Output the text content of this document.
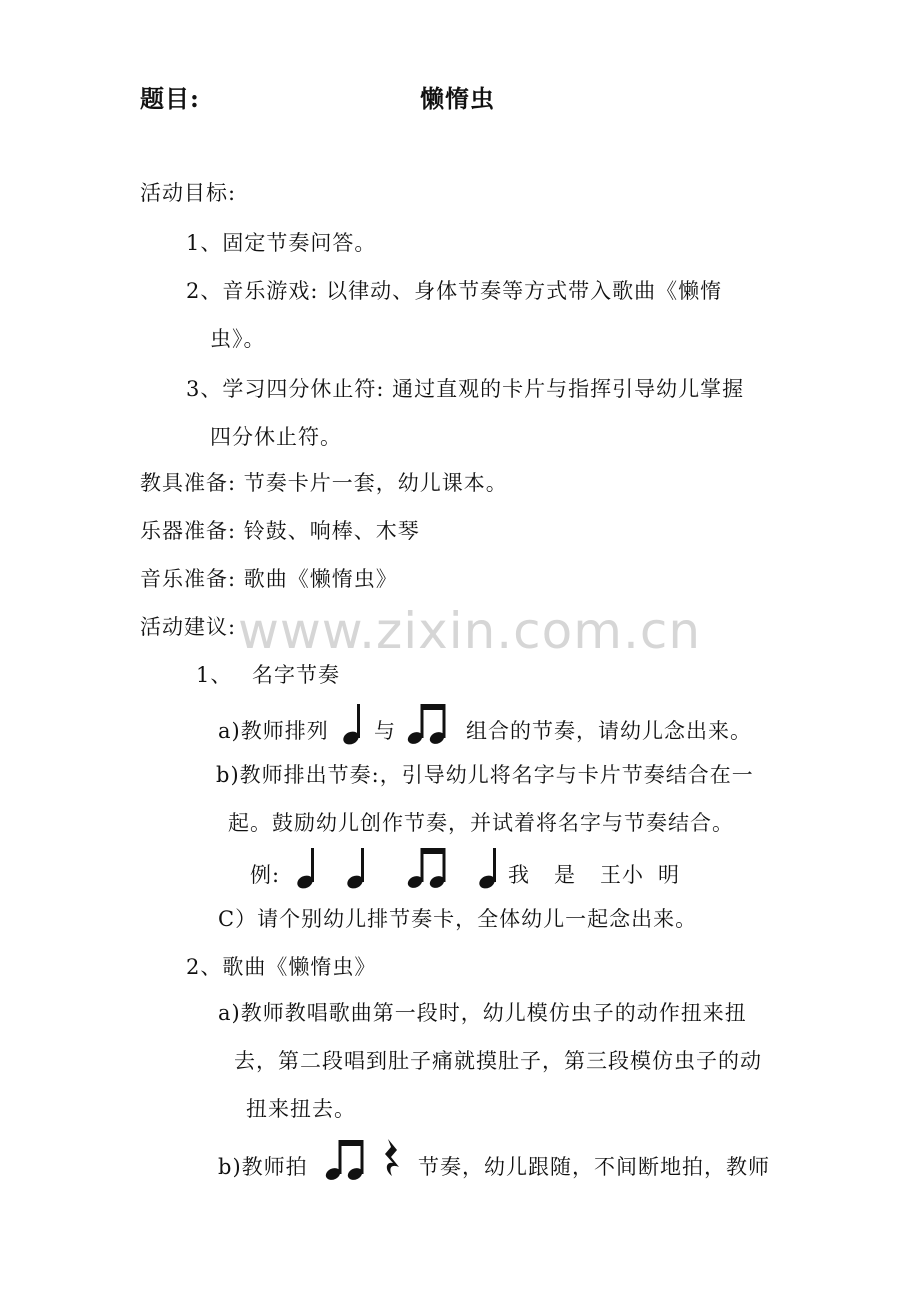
题目:	懒惰虫
活动目标:
1、固定节奏问答。
2、音乐游戏: 以律动、身体节奏等方式带入歌曲《懒惰
虫》。
3、学习四分休止符: 通过直观的卡片与指挥引导幼儿掌握
四分休止符。
教具准备: 节奏卡片一套，幼儿课本。
乐器准备: 铃鼓、响棒、木琴
音乐准备: 歌曲《懒惰虫》
www.zixin.com.cn
活动建议:
1、 名字节奏
a)教师排列 与	组合的节奏，请幼儿念出来。
b)教师排出节奏:，引导幼儿将名字与卡片节奏结合在一
起。鼓励幼儿创作节奏，并试着将名字与节奏结合。
例:	我 是 王小 明
C）请个别幼儿排节奏卡，全体幼儿一起念出来。
2、歌曲《懒惰虫》
a)教师教唱歌曲第一段时，幼儿模仿虫子的动作扭来扭
去，第二段唱到肚子痛就摸肚子，第三段模仿虫子的动
扭来扭去。
b)教师拍	节奏，幼儿跟随，不间断地拍，教师
